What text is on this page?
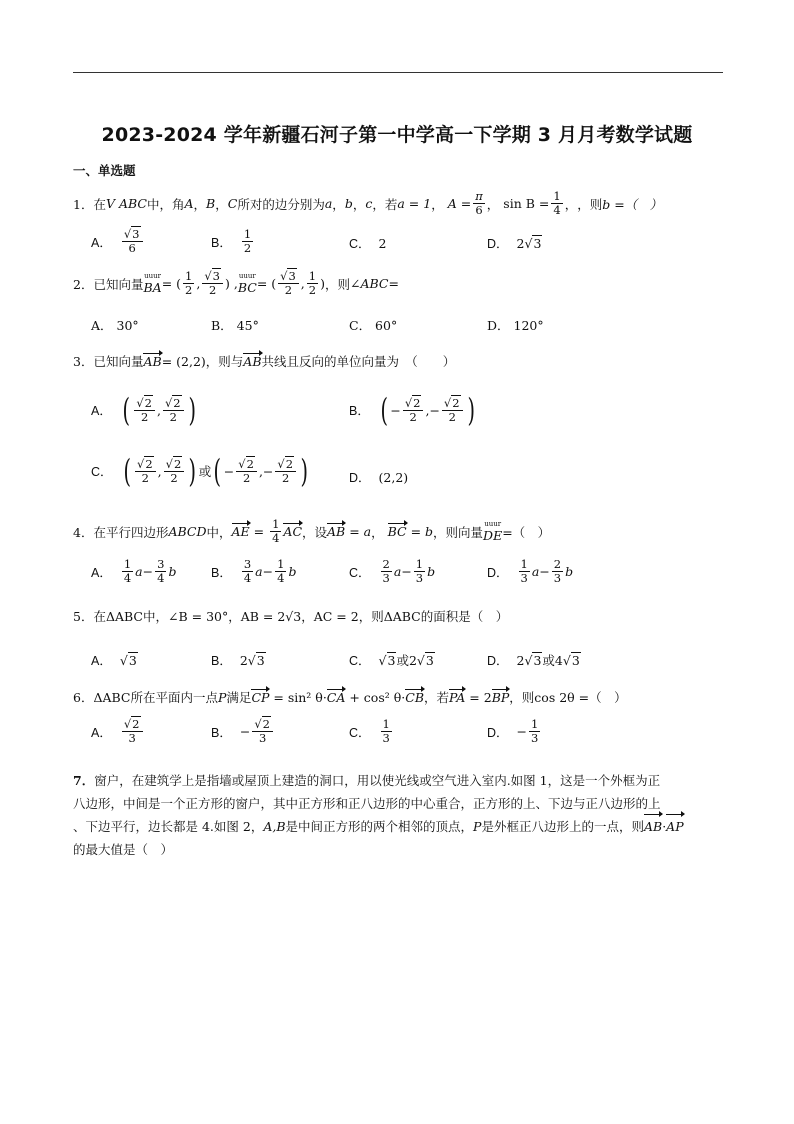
2023-2024 学年新疆石河子第一中学高一下学期 3 月月考数学试题
一、单选题
1． 在 V ABC 中，角 A ， B ， C 所对的边分别为 a ， b ， c ，若 a = 1 ， $A = \frac{\pi}{6}$ ， $\sin B = \frac{1}{4}$ ， ，则 b =（　）
A． $\frac{√3}{6}$	B． $\frac{1}{2}$	C． 2	D． 2 √3
2． 已知向量
uuur
BA = ( $\frac{1}{2}$ , $\frac{√3}{2}$ ) ,
uuur
BC = ( $\frac{√3}{2}$ , $\frac{1}{2}$ ) ，则 ∠ABC=
A． 30°	B． 45°	C． 60°	D． 120°
3．已知向量AB= (2,2)，则与AB共线且反向的单位向量为　（　　）
A． ( $\frac{√2}{2}$ , $\frac{√2}{2}$ )	B． ( − $\frac{√2}{2}$ ,− $\frac{√2}{2}$ )
C． ( $\frac{√2}{2}$ , $\frac{√2}{2}$ ) 或 ( − $\frac{√2}{2}$ ,− $\frac{√2}{2}$ )	D． (2,2)
4． 在平行四边形 ABCD 中， AE = $\frac{1}{4}$ AC ，设 AB = a ， BC = b ，则向量
uuur
DE =（　）
A． $\frac{1}{4}$ $a - \frac{3}{4}$ b	B． $\frac{3}{4}$ $a - \frac{1}{4}$ b	C． $\frac{2}{3}$ $a - \frac{1}{3}$ b	D． $\frac{1}{3}$ $a - \frac{2}{3}$ b
5．在ΔABC中，∠B = 30°，AB = 2√3，AC = 2，则ΔABC的面积是（　）
A． √3	B． 2 √3	C． √3 或 2 √3	D． 2 √3 或 4 √3
6．ΔABC所在平面内一点P满足CP = sin² θ·CA + cos² θ·CB，若PA = 2BP，则cos 2θ =（　）
A． $\frac{√2}{3}$	B． − $\frac{√2}{3}$	C． $\frac{1}{3}$	D． − $\frac{1}{3}$
7．窗户，在建筑学上是指墙或屋顶上建造的洞口，用以使光线或空气进入室内.如图 1，这是一个外框为正
八边形，中间是一个正方形的窗户，其中正方形和正八边形的中心重合，正方形的上、下边与正八边形的上
、下边平行，边长都是 4.如图 2，A,B是中间正方形的两个相邻的顶点，P是外框正八边形上的一点，则AB·AP
的最大值是（　）
